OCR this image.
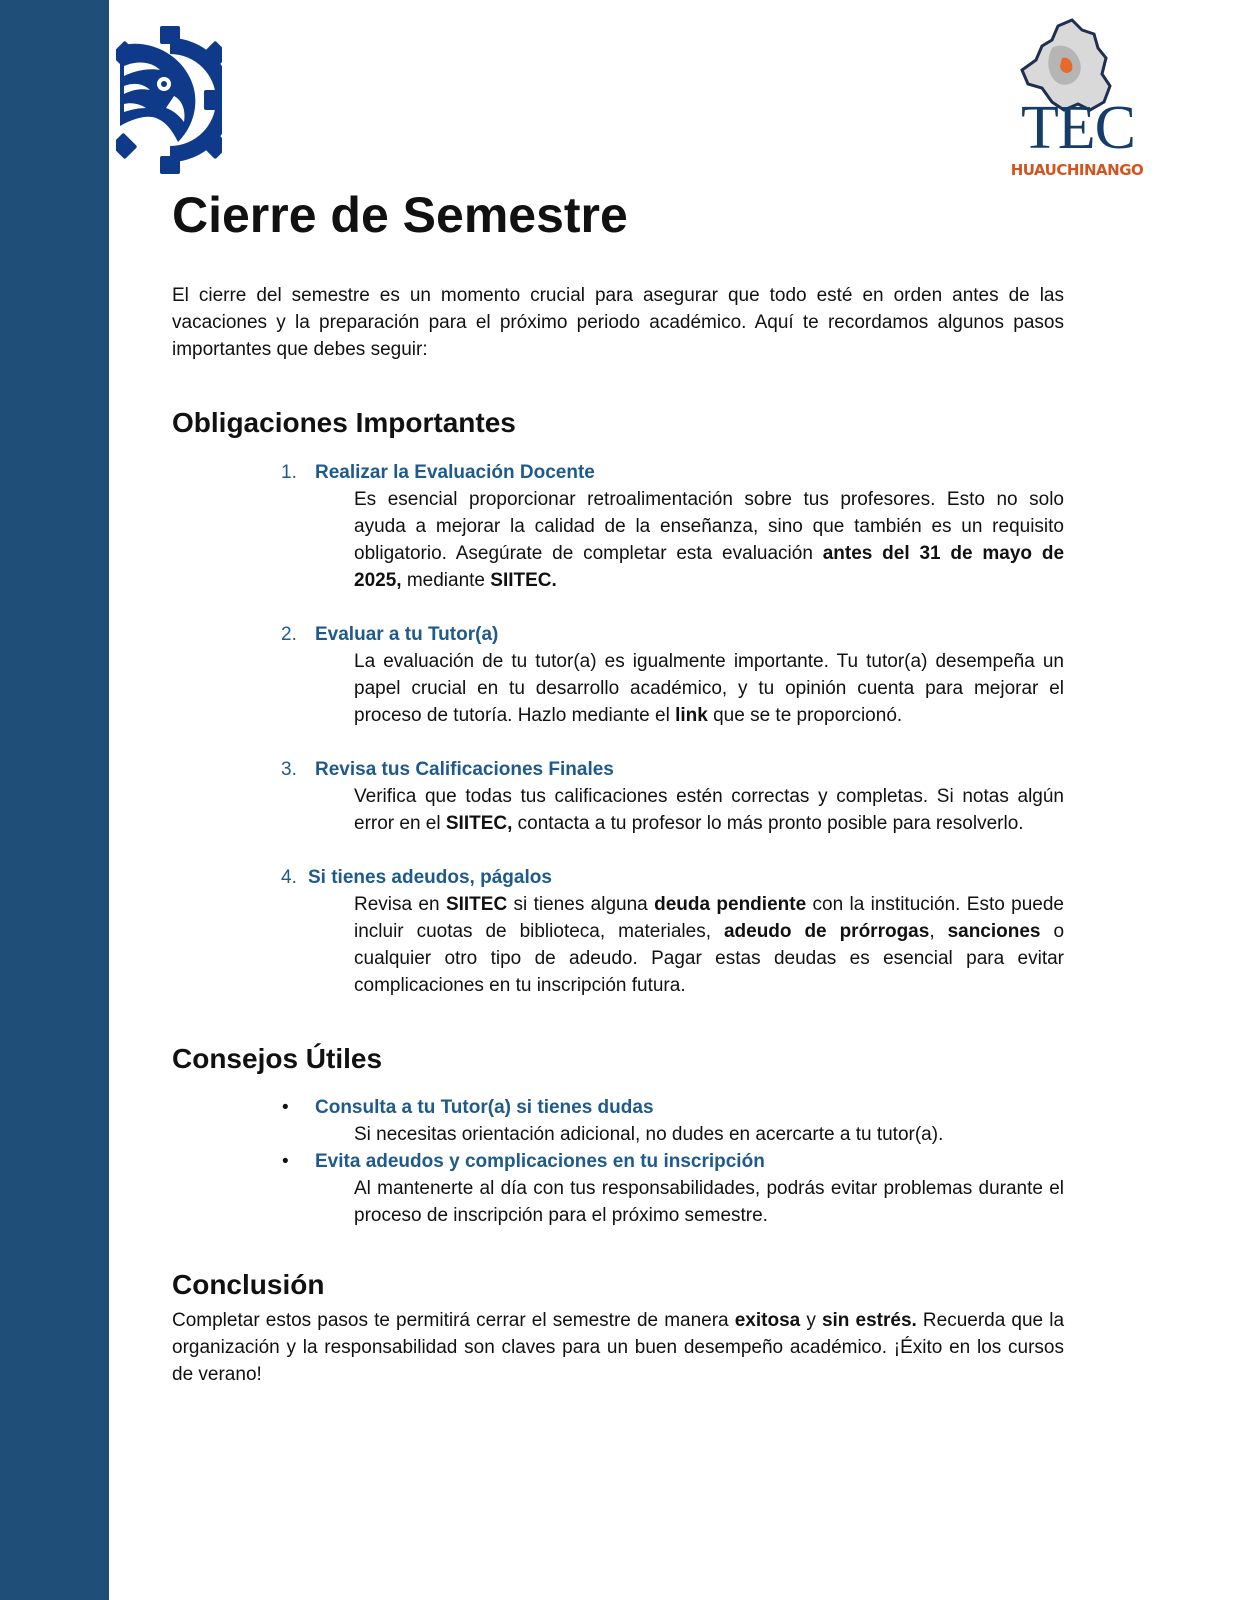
TEC
HUAUCHINANGO
Cierre de Semestre

El cierre del semestre es un momento crucial para asegurar que todo esté en orden antes de las vacaciones y la preparación para el próximo periodo académico. Aquí te recordamos algunos pasos importantes que debes seguir:

Obligaciones Importantes
1. Realizar la Evaluación Docente
Es esencial proporcionar retroalimentación sobre tus profesores. Esto no solo ayuda a mejorar la calidad de la enseñanza, sino que también es un requisito obligatorio. Asegúrate de completar esta evaluación antes del 31 de mayo de 2025, mediante SIITEC.
2. Evaluar a tu Tutor(a)
La evaluación de tu tutor(a) es igualmente importante. Tu tutor(a) desempeña un papel crucial en tu desarrollo académico, y tu opinión cuenta para mejorar el proceso de tutoría. Hazlo mediante el link que se te proporcionó.
3. Revisa tus Calificaciones Finales
Verifica que todas tus calificaciones estén correctas y completas. Si notas algún error en el SIITEC, contacta a tu profesor lo más pronto posible para resolverlo.
4. Si tienes adeudos, págalos
Revisa en SIITEC si tienes alguna deuda pendiente con la institución. Esto puede incluir cuotas de biblioteca, materiales, adeudo de prórrogas, sanciones o cualquier otro tipo de adeudo. Pagar estas deudas es esencial para evitar complicaciones en tu inscripción futura.
Consejos Útiles
• Consulta a tu Tutor(a) si tienes dudas
Si necesitas orientación adicional, no dudes en acercarte a tu tutor(a).
• Evita adeudos y complicaciones en tu inscripción
Al mantenerte al día con tus responsabilidades, podrás evitar problemas durante el proceso de inscripción para el próximo semestre.
Conclusión

Completar estos pasos te permitirá cerrar el semestre de manera exitosa y sin estrés. Recuerda que la organización y la responsabilidad son claves para un buen desempeño académico. ¡Éxito en los cursos de verano!
